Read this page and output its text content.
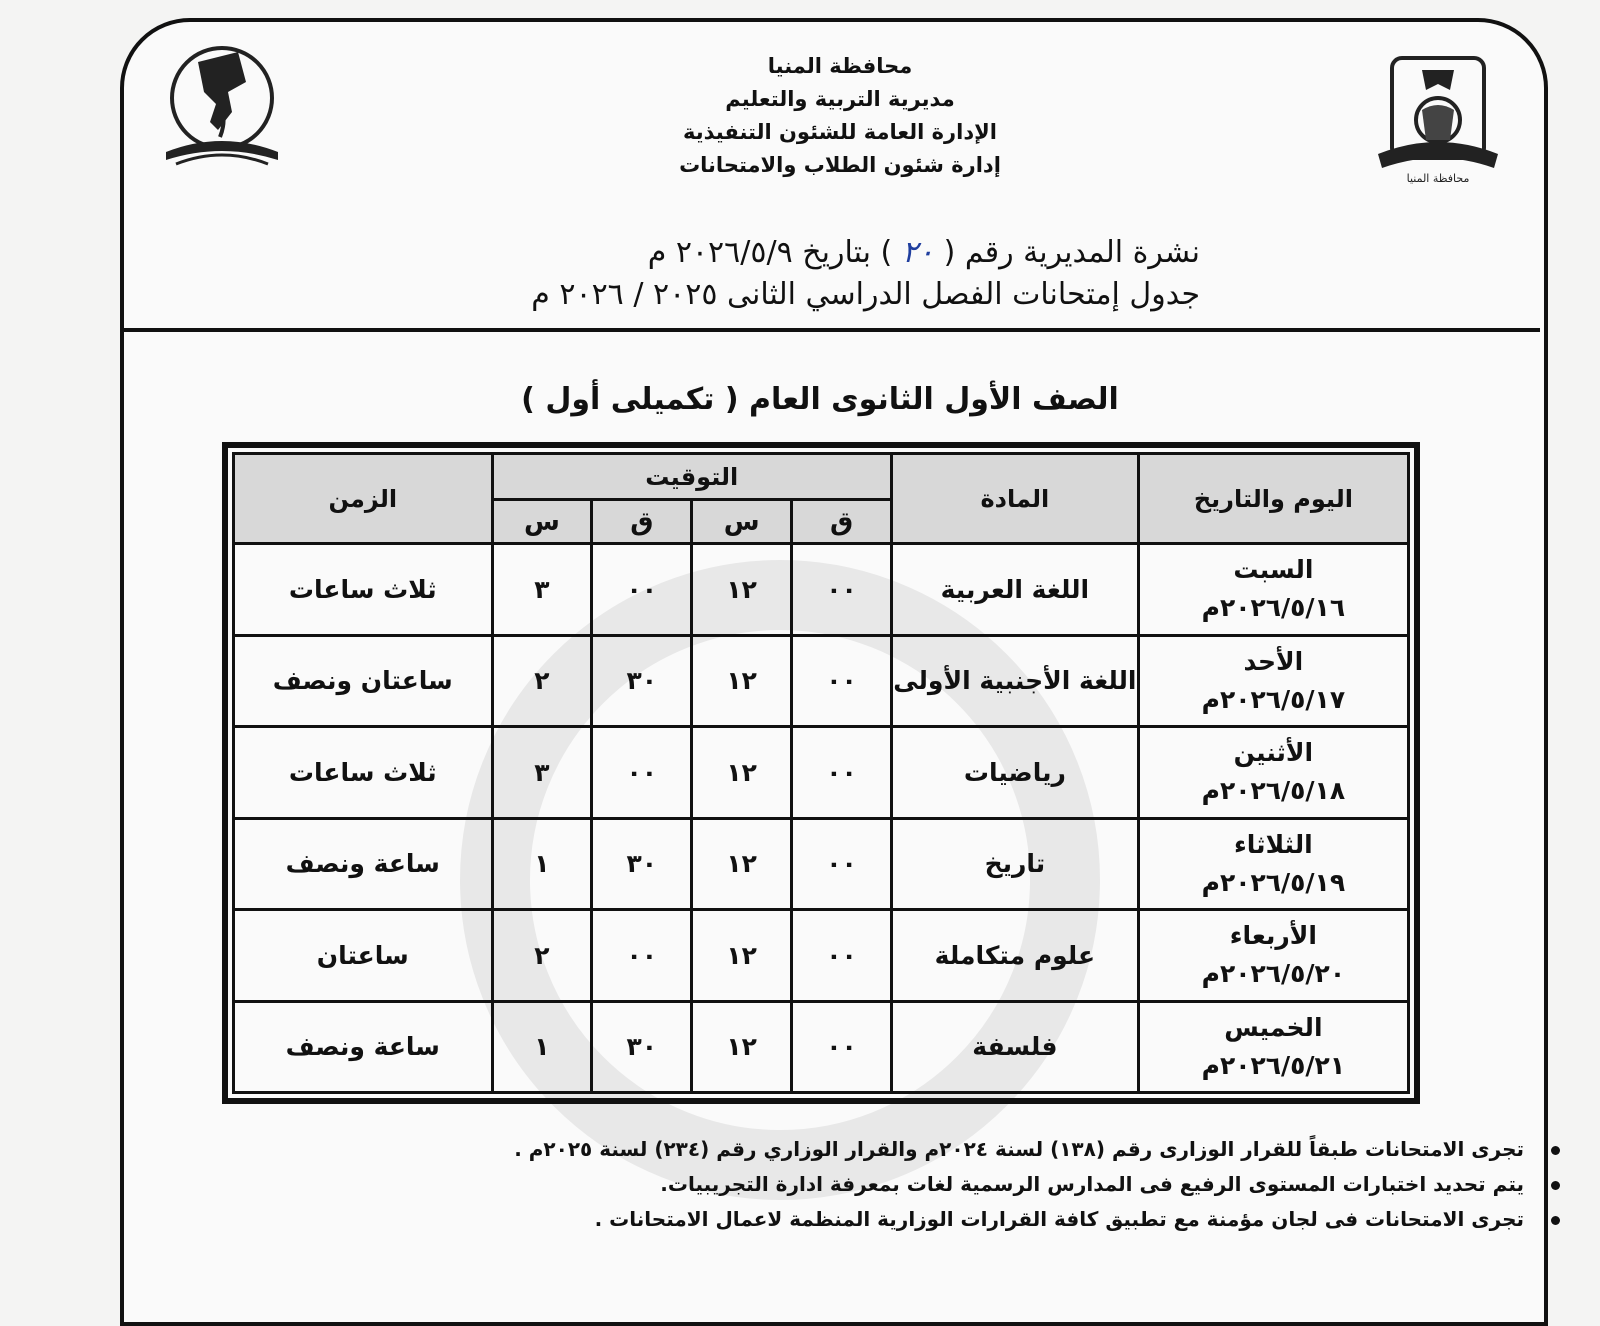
محافظة المنيا
محافظة المنيا
مديرية التربية والتعليم
الإدارة العامة للشئون التنفيذية
إدارة شئون الطلاب والامتحانات
نشرة المديرية رقم ( ٢٠ ) بتاريخ ٢٠٢٦/٥/٩ م
جدول إمتحانات الفصل الدراسي الثانى ٢٠٢٥ / ٢٠٢٦ م
الصف الأول الثانوى العام ( تكميلى أول )
اليوم والتاريخ	المادة	التوقيت				الزمن
		ق	س	ق	س	

السبت
٢٠٢٦/٥/١٦م	اللغة العربية	٠٠	١٢	٠٠	٣	ثلاث ساعات

الأحد
٢٠٢٦/٥/١٧م	اللغة الأجنبية الأولى	٠٠	١٢	٣٠	٢	ساعتان ونصف

الأثنين
٢٠٢٦/٥/١٨م	رياضيات	٠٠	١٢	٠٠	٣	ثلاث ساعات

الثلاثاء
٢٠٢٦/٥/١٩م	تاريخ	٠٠	١٢	٣٠	١	ساعة ونصف

الأربعاء
٢٠٢٦/٥/٢٠م	علوم متكاملة	٠٠	١٢	٠٠	٢	ساعتان

الخميس
٢٠٢٦/٥/٢١م	فلسفة	٠٠	١٢	٣٠	١	ساعة ونصف
تجرى الامتحانات طبقاً للقرار الوزارى رقم (١٣٨) لسنة ٢٠٢٤م والقرار الوزاري رقم (٢٣٤) لسنة ٢٠٢٥م .
يتم تحديد اختبارات المستوى الرفيع فى المدارس الرسمية لغات بمعرفة ادارة التجريبيات.
تجرى الامتحانات فى لجان مؤمنة مع تطبيق كافة القرارات الوزارية المنظمة لاعمال الامتحانات .
